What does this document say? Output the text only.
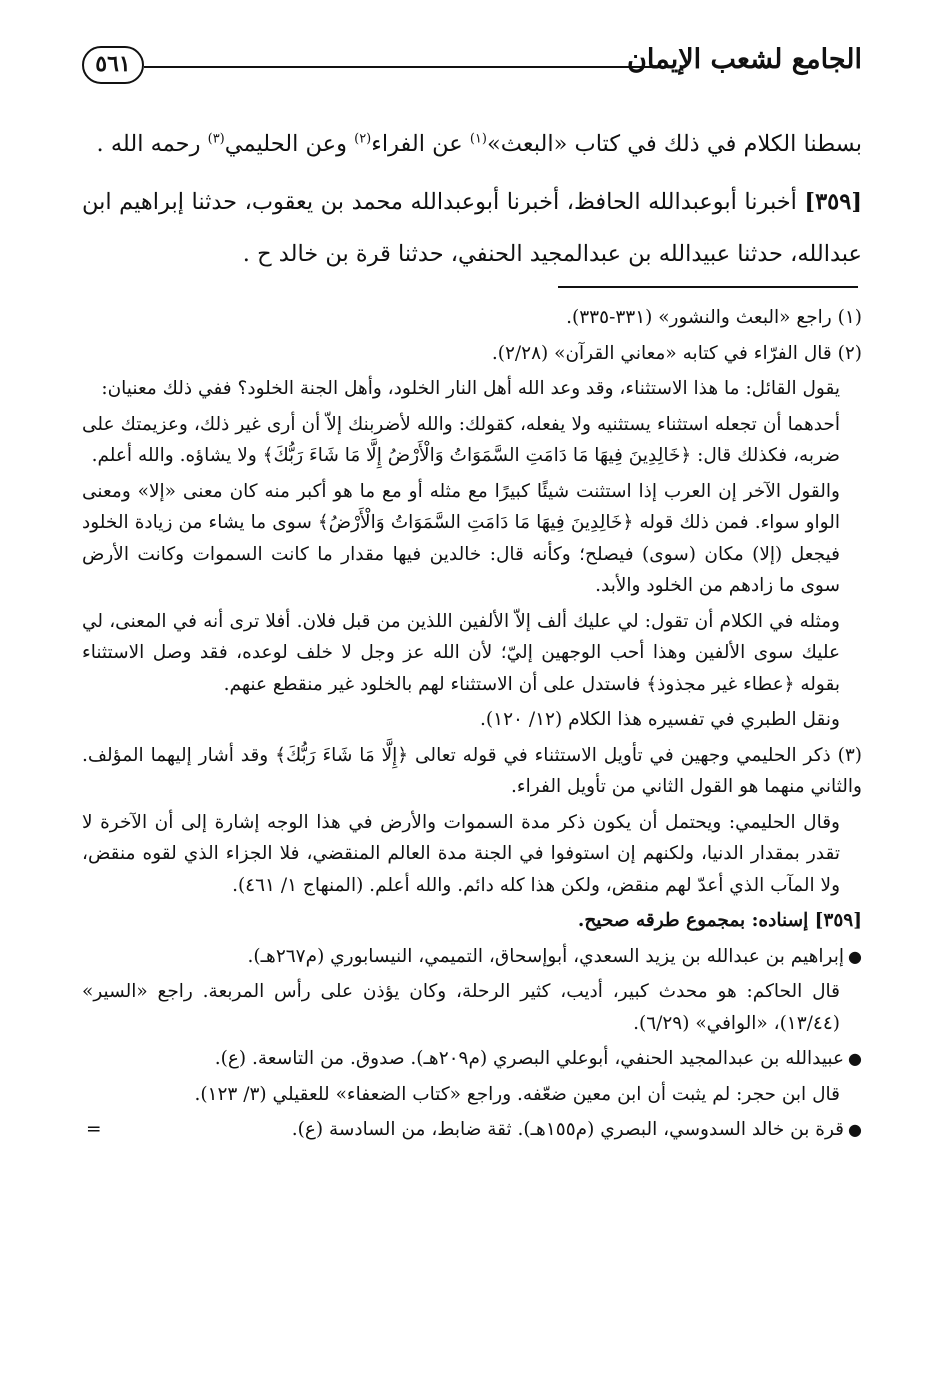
الجامع لشعب الإيمان
٥٦١

بسطنا الكلام في ذلك في كتاب «البعث»$^{(١)}$ عن الفراء$^{(٢)}$ وعن الحليمي$^{(٣)}$ رحمه الله .

[٣٥٩] أخبرنا أبوعبدالله الحافظ، أخبرنا أبوعبدالله محمد بن يعقوب، حدثنا إبراهيم ابن عبدالله، حدثنا عبيدالله بن عبدالمجيد الحنفي، حدثنا قرة بن خالد ح .

(١) راجع «البعث والنشور» (٣٣١-٣٣٥).

(٢) قال الفرّاء في كتابه «معاني القرآن» (٢/٢٨).

يقول القائل: ما هذا الاستثناء، وقد وعد الله أهل النار الخلود، وأهل الجنة الخلود؟ ففي ذلك معنيان:

أحدهما أن تجعله استثناء يستثنيه ولا يفعله، كقولك: والله لأضربنك إلاّ أن أرى غير ذلك، وعزيمتك على ضربه، فكذلك قال: ﴿خَالِدِينَ فِيهَا مَا دَامَتِ السَّمَوَاتُ وَالْأَرْضُ إِلَّا مَا شَاءَ رَبُّكَ﴾ ولا يشاؤه. والله أعلم.

والقول الآخر إن العرب إذا استثنت شيئًا كبيرًا مع مثله أو مع ما هو أكبر منه كان معنى «إلا» ومعنى الواو سواء. فمن ذلك قوله ﴿خَالِدِينَ فِيهَا مَا دَامَتِ السَّمَوَاتُ وَالْأَرْضُ﴾ سوى ما يشاء من زيادة الخلود فيجعل (إلا) مكان (سوى) فيصلح؛ وكأنه قال: خالدين فيها مقدار ما كانت السموات وكانت الأرض سوى ما زادهم من الخلود والأبد.

ومثله في الكلام أن تقول: لي عليك ألف إلاّ الألفين اللذين من قبل فلان. أفلا ترى أنه في المعنى، لي عليك سوى الألفين وهذا أحب الوجهين إليّ؛ لأن الله عز وجل لا خلف لوعده، فقد وصل الاستثناء بقوله ﴿عطاء غير مجذوذ﴾ فاستدل على أن الاستثناء لهم بالخلود غير منقطع عنهم.

ونقل الطبري في تفسيره هذا الكلام (١٢/ ١٢٠).

(٣) ذكر الحليمي وجهين في تأويل الاستثناء في قوله تعالى ﴿إِلَّا مَا شَاءَ رَبُّكَ﴾ وقد أشار إليهما المؤلف. والثاني منهما هو القول الثاني من تأويل الفراء.

وقال الحليمي: ويحتمل أن يكون ذكر مدة السموات والأرض في هذا الوجه إشارة إلى أن الآخرة لا تقدر بمقدار الدنيا، ولكنهم إن استوفوا في الجنة مدة العالم المنقضي، فلا الجزاء الذي لقوه منقض، ولا المآب الذي أعدّ لهم منقض، ولكن هذا كله دائم. والله أعلم. (المنهاج ١/ ٤٦١).

[٣٥٩] إسناده: بمجموع طرقه صحيح.

●إبراهيم بن عبدالله بن يزيد السعدي، أبوإسحاق، التميمي، النيسابوري (م٢٦٧هـ).

قال الحاكم: هو محدث كبير، أديب، كثير الرحلة، وكان يؤذن على رأس المربعة. راجع «السير» (١٣/٤٤)، «الوافي» (٦/٢٩).

●عبيدالله بن عبدالمجيد الحنفي، أبوعلي البصري (م٢٠٩هـ). صدوق. من التاسعة. (ع).

قال ابن حجر: لم يثبت أن ابن معين ضعّفه. وراجع «كتاب الضعفاء» للعقيلي (٣/ ١٢٣).

=	●قرة بن خالد السدوسي، البصري (م١٥٥هـ). ثقة ضابط، من السادسة (ع).
